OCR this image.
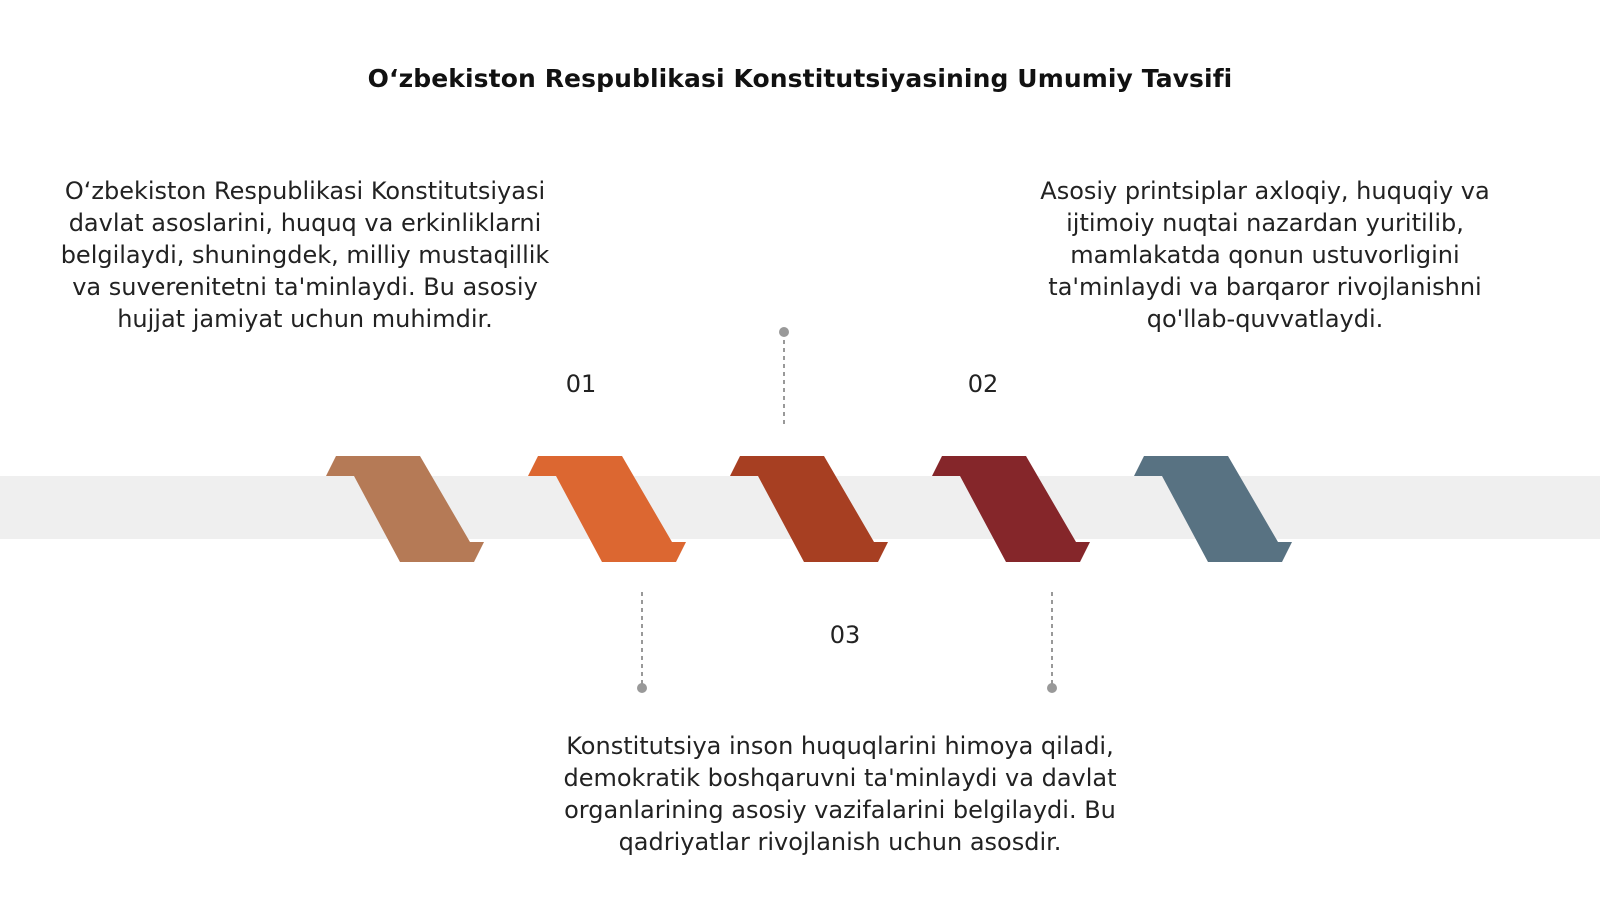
O‘zbekiston Respublikasi Konstitutsiyasining Umumiy Tavsifi
01	02
03
O‘zbekiston Respublikasi Konstitutsiyasi davlat asoslarini, huquq va erkinliklarni belgilaydi, shuningdek, milliy mustaqillik va suverenitetni ta'minlaydi. Bu asosiy hujjat jamiyat uchun muhimdir.
Asosiy printsiplar axloqiy, huquqiy va ijtimoiy nuqtai nazardan yuritilib, mamlakatda qonun ustuvorligini ta'minlaydi va barqaror rivojlanishni qo'llab-quvvatlaydi.
Konstitutsiya inson huquqlarini himoya qiladi, demokratik boshqaruvni ta'minlaydi va davlat organlarining asosiy vazifalarini belgilaydi. Bu qadriyatlar rivojlanish uchun asosdir.
